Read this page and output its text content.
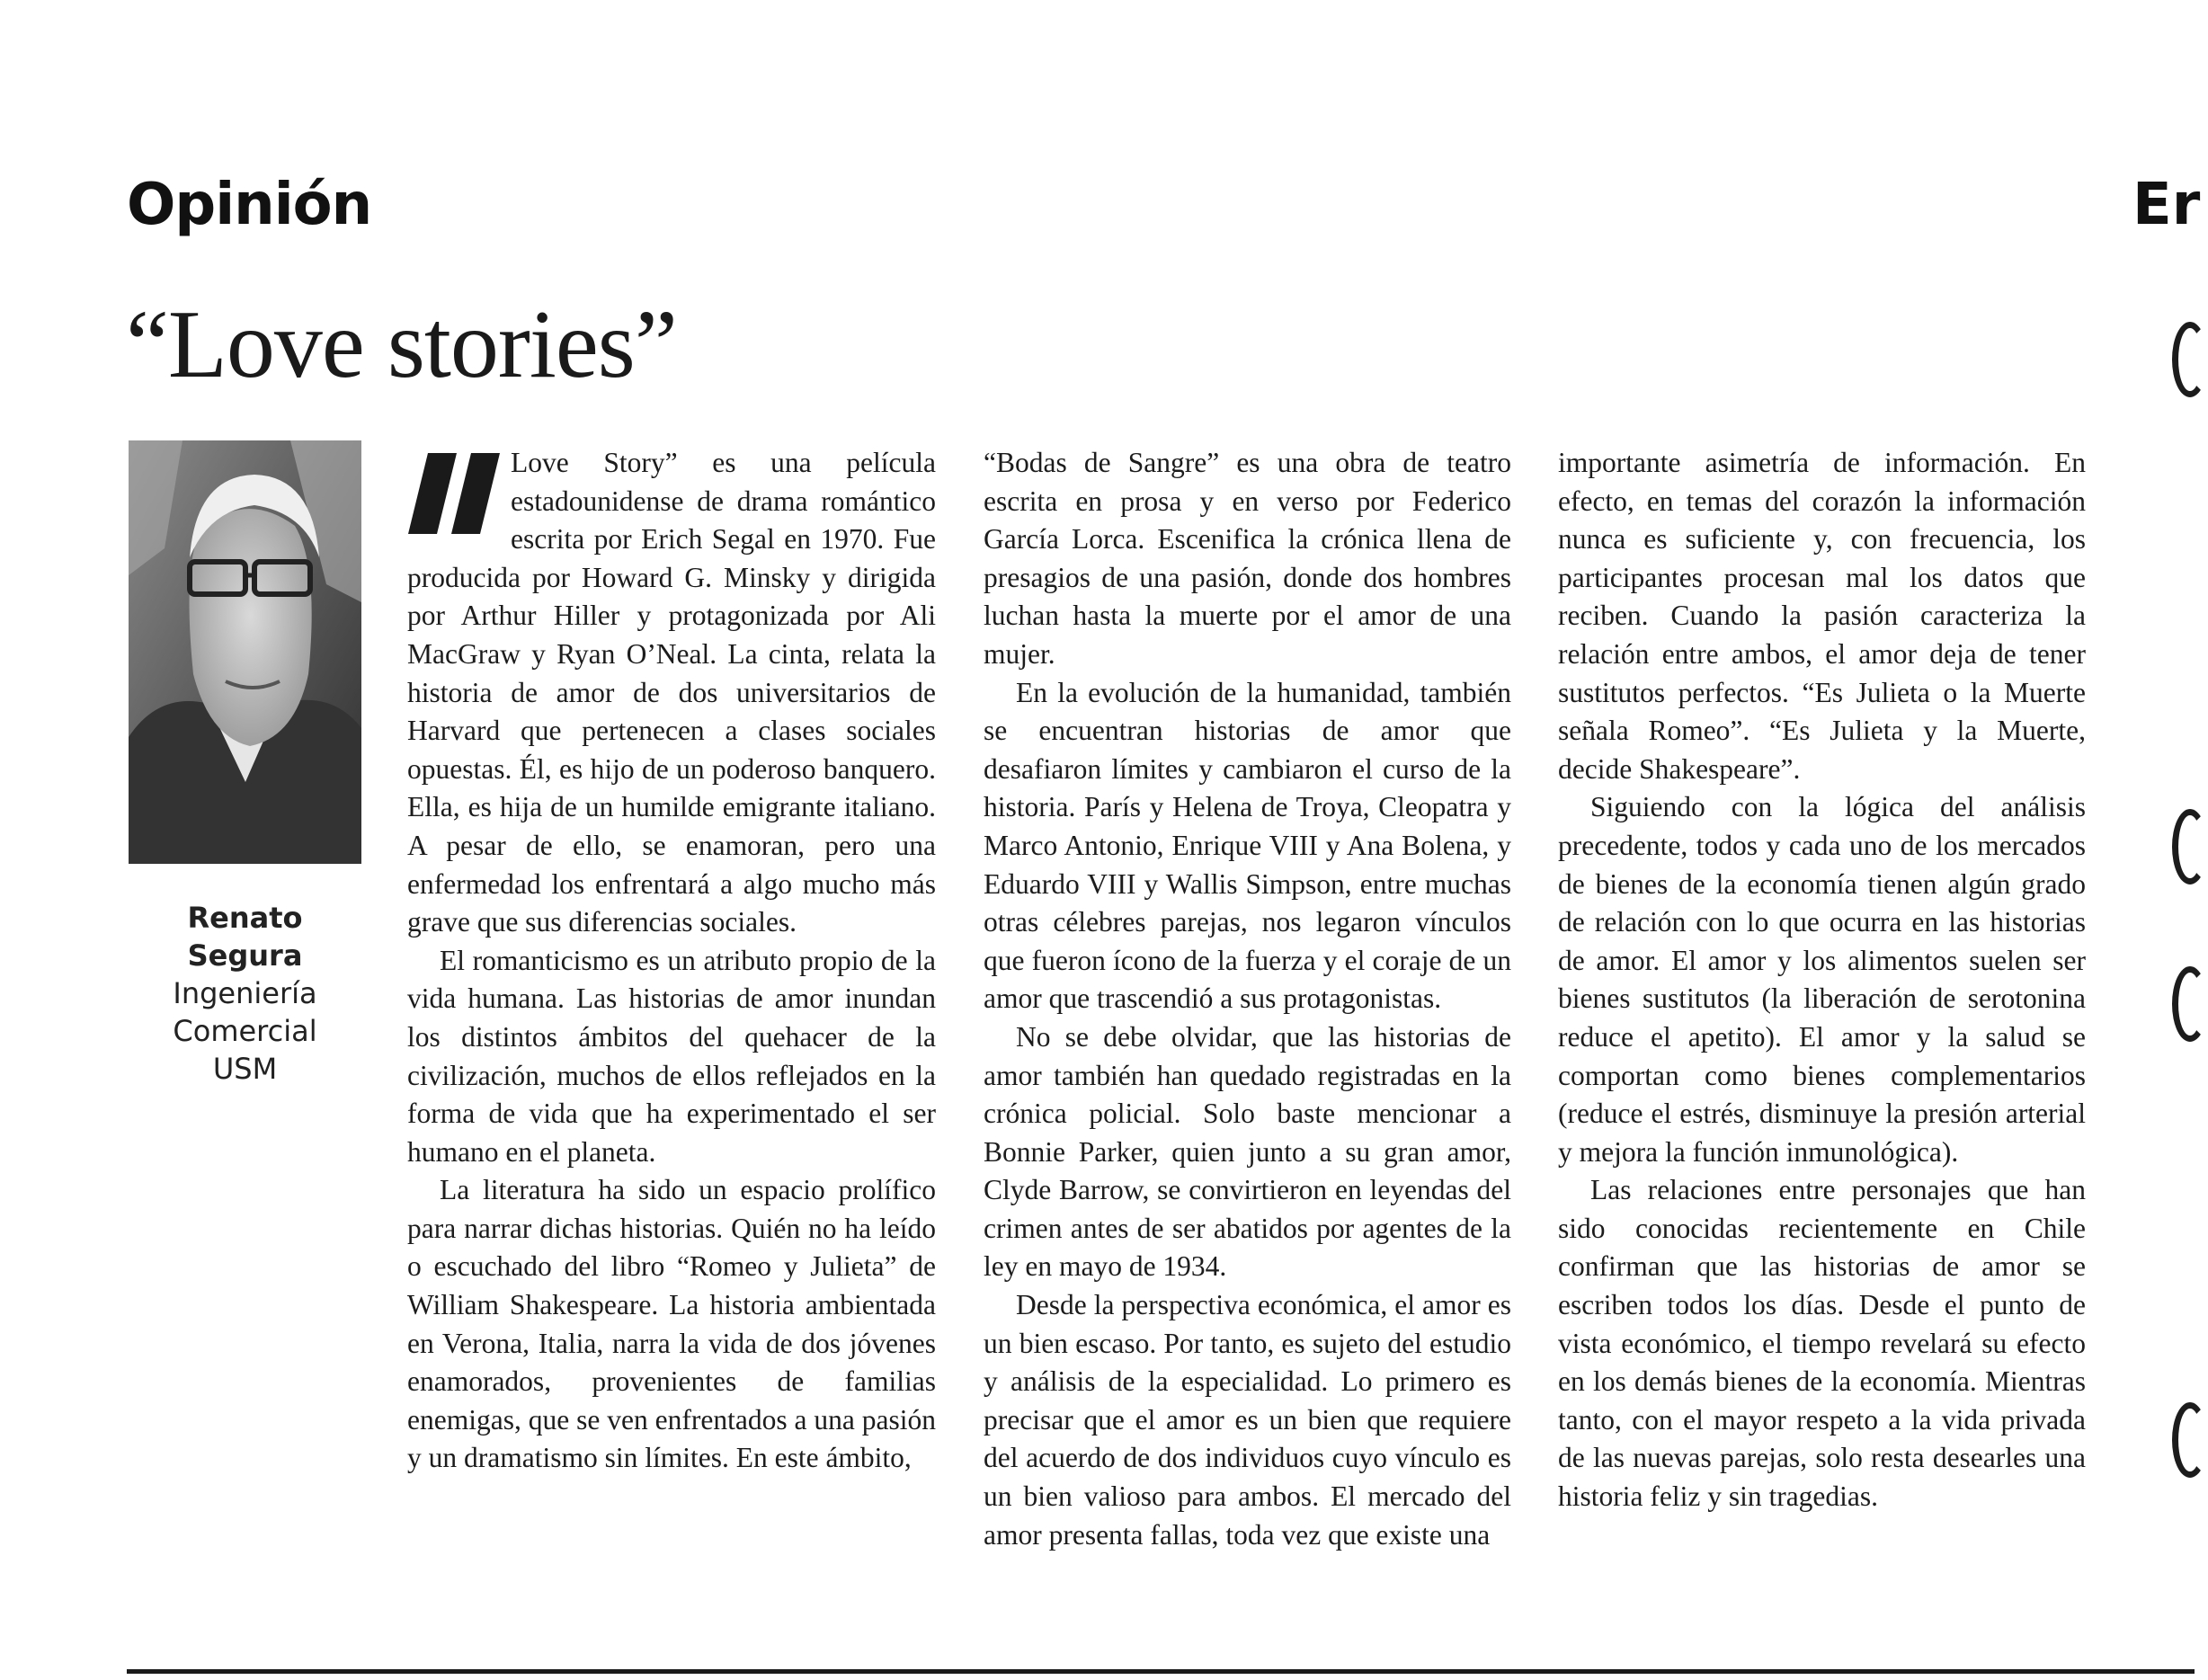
Opinión	Er
“Love stories”
Renato
Segura
Ingeniería
Comercial
USM

Love Story” es una película estadounidense de drama romántico escrita por Erich Segal en 1970. Fue producida por Howard G. Minsky y dirigida por Arthur Hiller y protagonizada por Ali MacGraw y Ryan O’Neal. La cinta, relata la historia de amor de dos universitarios de Harvard que pertenecen a clases sociales opuestas. Él, es hijo de un poderoso banquero. Ella, es hija de un humilde emigrante italiano. A pesar de ello, se enamoran, pero una enfermedad los enfrentará a algo mucho más grave que sus diferencias sociales.

El romanticismo es un atributo propio de la vida humana. Las historias de amor inundan los distintos ámbitos del quehacer de la civilización, muchos de ellos reflejados en la forma de vida que ha experimentado el ser humano en el planeta.

La literatura ha sido un espacio prolífico para narrar dichas historias. Quién no ha leído o escuchado del libro “Romeo y Julieta” de William Shakespeare. La historia ambientada en Verona, Italia, narra la vida de dos jóvenes enamorados, provenientes de familias enemigas, que se ven enfrentados a una pasión y un dramatismo sin límites. En este ámbito,

“Bodas de Sangre” es una obra de teatro escrita en prosa y en verso por Federico García Lorca. Escenifica la crónica llena de presagios de una pasión, donde dos hombres luchan hasta la muerte por el amor de una mujer.

En la evolución de la humanidad, también se encuentran historias de amor que desafiaron límites y cambiaron el curso de la historia. París y Helena de Troya, Cleopatra y Marco Antonio, Enrique VIII y Ana Bolena, y Eduardo VIII y Wallis Simpson, entre muchas otras célebres parejas, nos legaron vínculos que fueron ícono de la fuerza y el coraje de un amor que trascendió a sus protagonistas.

No se debe olvidar, que las historias de amor también han quedado registradas en la crónica policial. Solo baste mencionar a Bonnie Parker, quien junto a su gran amor, Clyde Barrow, se convirtieron en leyendas del crimen antes de ser abatidos por agentes de la ley en mayo de 1934.

Desde la perspectiva económica, el amor es un bien escaso. Por tanto, es sujeto del estudio y análisis de la especialidad. Lo primero es precisar que el amor es un bien que requiere del acuerdo de dos individuos cuyo vínculo es un bien valioso para ambos. El mercado del amor presenta fallas, toda vez que existe una

importante asimetría de información. En efecto, en temas del corazón la información nunca es suficiente y, con frecuencia, los participantes procesan mal los datos que reciben. Cuando la pasión caracteriza la relación entre ambos, el amor deja de tener sustitutos perfectos. “Es Julieta o la Muerte señala Romeo”. “Es Julieta y la Muerte, decide Shakespeare”.

Siguiendo con la lógica del análisis precedente, todos y cada uno de los mercados de bienes de la economía tienen algún grado de relación con lo que ocurra en las historias de amor. El amor y los alimentos suelen ser bienes sustitutos (la liberación de serotonina reduce el apetito). El amor y la salud se comportan como bienes complementarios (reduce el estrés, disminuye la presión arterial y mejora la función inmunológica).

Las relaciones entre personajes que han sido conocidas recientemente en Chile confirman que las historias de amor se escriben todos los días. Desde el punto de vista económico, el tiempo revelará su efecto en los demás bienes de la economía. Mientras tanto, con el mayor respeto a la vida privada de las nuevas parejas, solo resta desearles una historia feliz y sin tragedias.
